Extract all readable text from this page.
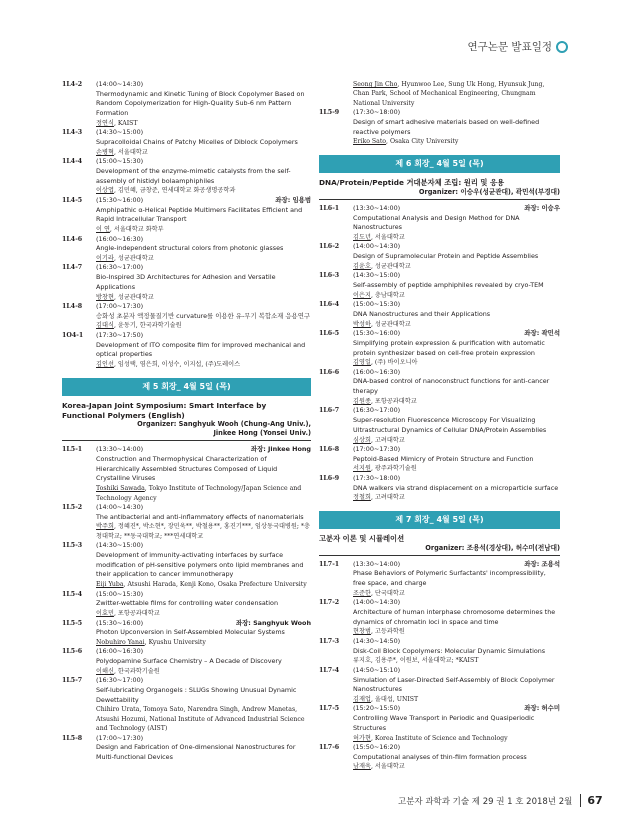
연구논문 발표일정
1L4-2	(14:00~14:30)
Thermodynamic and Kinetic Tuning of Block Copolymer Based on Random Copolymerization for High-Quality Sub-6 nm Pattern Formation
정연식, KAIST
1L4-3	(14:30~15:00)
Supracolloidal Chains of Patchy Micelles of Diblock Copolymers
손병혁, 서울대학교
1L4-4	(15:00~15:30)
Development of the enzyme-mimetic catalysts from the self-assembly of histidyl bolaamphiphiles
이상엽, 김민혜, 금창준, 연세대학교 화공생명공학과
1L4-5	(15:30~16:00)	좌장: 임용범
Amphipathic α-Helical Peptide Multimers Facilitates Efficient and Rapid Intracellular Transport
이 연, 서울대학교 화학부
1L4-6	(16:00~16:30)
Angle-independent structural colors from photonic glasses
이기라, 성균관대학교
1L4-7	(16:30~17:00)
Bio-Inspired 3D Architectures for Adhesion and Versatile Applications
방창현, 성균관대학교
1L4-8	(17:00~17:30)
승화성 초분자 액정물질기반 curvature를 이용한 유-무기 복합소재 응용연구
김대식, 윤동기, 한국과학기술원
1O4-1	(17:30~17:50)
Development of ITO composite film for improved mechanical and optical properties
김인선, 임성택, 염은희, 이성수, 이지섭, (주)도레이스
제 5 회장_ 4월 5일 (목)
Korea-Japan Joint Symposium: Smart Interface by Functional Polymers (English)
Organizer: Sanghyuk Wooh (Chung-Ang Univ.),
Jinkee Hong (Yonsei Univ.)
1L5-1	(13:30~14:00)	좌장: Jinkee Hong
Construction and Thermophysical Characterization of Hierarchically Assembled Structures Composed of Liquid Crystalline Viruses
Toshiki Sawada, Tokyo Institute of Technology/Japan Science and Technology Agency
1L5-2	(14:00~14:30)
The antibacterial and anti-inflammatory effects of nanomaterials
박주희, 정혜진*, 박소현*, 장민욱**, 박철용**, 홍진기***, 임상동국대병원; *충청대학교; **동국대학교; ***연세대학교
1L5-3	(14:30~15:00)
Development of immunity-activating interfaces by surface modification of pH-sensitive polymers onto lipid membranes and their application to cancer immunotherapy
Eiji Yuba, Atsushi Harada, Kenji Kono, Osaka Prefecture University
1L5-4	(15:00~15:30)
Zwitter-wettable films for controlling water condensation
이효민, 포항공과대학교
1L5-5	(15:30~16:00)	좌장: Sanghyuk Wooh
Photon Upconversion in Self-Assembled Molecular Systems
Nobuhiro Yanai, Kyushu University
1L5-6	(16:00~16:30)
Polydopamine Surface Chemistry – A Decade of Discovery
이해신, 한국과학기술원
1L5-7	(16:30~17:00)
Self-lubricating Organogels : SLUGs Showing Unusual Dynamic Dewettability
Chihiro Urata, Tomoya Sato, Narendra Singh, Andrew Manetas, Atsushi Hozumi, National Institute of Advanced Industrial Science and Technology (AIST)
1L5-8	(17:00~17:30)
Design and Fabrication of One-dimensional Nanostructures for Multi-functional Devices
Seong Jin Cho, Hyunwoo Lee, Sung Uk Hong, Hyunsuk Jung, Chan Park, School of Mechanical Engineering, Chungnam National University
1L5-9	(17:30~18:00)
Design of smart adhesive materials based on well-defined reactive polymers
Eriko Sato, Osaka City University
제 6 회장_ 4월 5일 (목)
DNA/Protein/Peptide 거대분자체 조립: 원리 및 응용
Organizer: 이승우(성균관대), 곽민석(부경대)
1L6-1	(13:30~14:00)	좌장: 이승우
Computational Analysis and Design Method for DNA Nanostructures
김도년, 서울대학교
1L6-2	(14:00~14:30)
Design of Supramolecular Protein and Peptide Assemblies
김윤호, 성균관대학교
1L6-3	(14:30~15:00)
Self-assembly of peptide amphiphiles revealed by cryo-TEM
이은지, 충남대학교
1L6-4	(15:00~15:30)
DNA Nanostructures and their Applications
박성하, 성균관대학교
1L6-5	(15:30~16:00)	좌장: 곽민석
Simplifying protein expression & purification with automatic protein synthesizer based on cell-free protein expression
김영일, (주) 바이오니아
1L6-6	(16:00~16:30)
DNA-based control of nanoconstruct functions for anti-cancer therapy
김원종, 포항공과대학교
1L6-7	(16:30~17:00)
Super-resolution Fluorescence Microscopy For Visualizing Ultrastructural Dynamics of Cellular DNA/Protein Assemblies
심상희, 고려대학교
1L6-8	(17:00~17:30)
Peptoid-Based Mimicry of Protein Structure and Function
서지원, 광주과학기술원
1L6-9	(17:30~18:00)
DNA walkers via strand displacement on a microparticle surface
정철희, 고려대학교
제 7 회장_ 4월 5일 (목)
고분자 이론 및 시뮬레이션
Organizer: 조용석(경상대), 허수미(전남대)
1L7-1	(13:30~14:00)	좌장: 조용석
Phase Behaviors of Polymeric Surfactants' incompressibility, free space, and charge
조준한, 단국대학교
1L7-2	(14:00~14:30)
Architecture of human interphase chromosome determines the dynamics of chromatin loci in space and time
현창범, 고등과학원
1L7-3	(14:30~14:50)
Disk-Coil Block Copolymers: Molecular Dynamic Simulations
류지호, 김용주*, 이원보, 서울대학교; *KAIST
1L7-4	(14:50~15:10)
Simulation of Laser-Directed Self-Assembly of Block Copolymer Nanostructures
김재업, 울대섭, UNIST
1L7-5	(15:20~15:50)	좌장: 허수미
Controlling Wave Transport in Periodic and Quasiperiodic Structures
허가현, Korea Institute of Science and Technology
1L7-6	(15:50~16:20)
Computational analyses of thin-film formation process
남재욱, 서울대학교
고분자 과학과 기술 제 29 권 1 호 2018년 2월	67
